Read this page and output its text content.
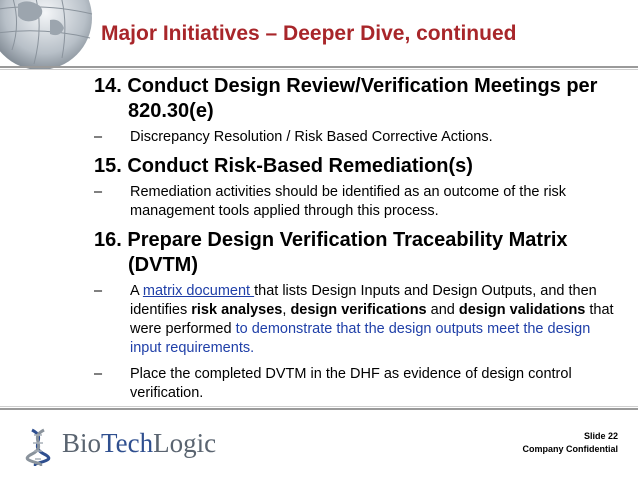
Major Initiatives – Deeper Dive, continued
14. Conduct Design Review/Verification Meetings per 820.30(e)
– Discrepancy Resolution / Risk Based Corrective Actions.
15. Conduct Risk-Based Remediation(s)
– Remediation activities should be identified as an outcome of the risk management tools applied through this process.
16. Prepare Design Verification Traceability Matrix (DVTM)
– A matrix document that lists Design Inputs and Design Outputs, and then identifies risk analyses, design verifications and design validations that were performed to demonstrate that the design outputs meet the design input requirements.
– Place the completed DVTM in the DHF as evidence of design control verification.
BioTechLogic	Slide 22
Company Confidential
